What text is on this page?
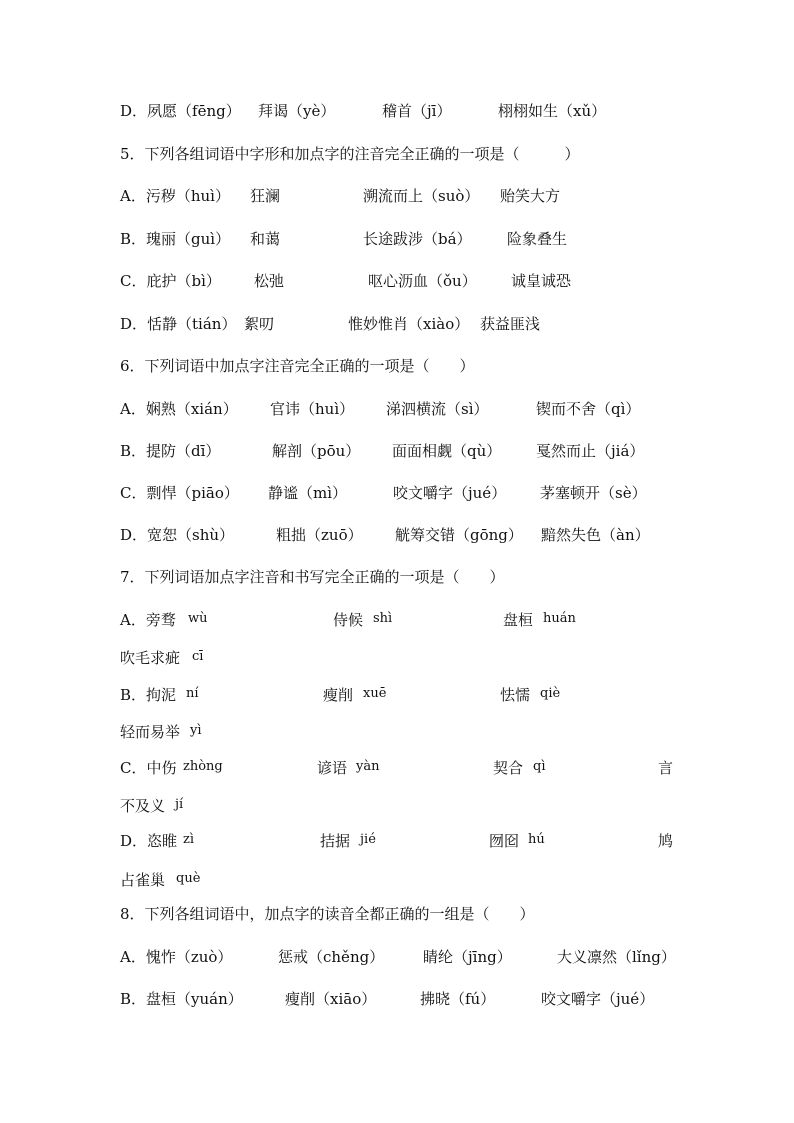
D．夙愿（fēng） 拜谒（yè）	稽首（jī）	栩栩如生（xǔ）
5．下列各组词语中字形和加点字的注音完全正确的一项是（　　　）
A．污秽（huì） 狂澜	溯流而上（suò） 贻笑大方
B．瑰丽（guì） 和蔼	长途跋涉（bá） 险象叠生
C．庇护（bì） 松弛	呕心沥血（ǒu） 诚皇诚恐
D．恬静（tián） 絮叨	惟妙惟肖（xiào） 获益匪浅
6．下列词语中加点字注音完全正确的一项是（　　）
A．娴熟（xián） 官讳（huì） 涕泗横流（sì）	锲而不舍（qì）
B．提防（dī）	解剖（pōu） 面面相觑（qù） 戛然而止（jiá）
C．剽悍（piāo） 静谧（mì）	咬文嚼字（jué） 茅塞顿开（sè）
D．宽恕（shù）	粗拙（zuō） 觥筹交错（gōng） 黯然失色（àn）
7．下列词语加点字注音和书写完全正确的一项是（　　）
A．旁骛 wù	侍候 shì	盘桓 huán
吹毛求疵 cī
B．拘泥 ní	瘦削 xuē	怯懦 qiè
轻而易举 yì
C．中伤 zhòng	谚语 yàn	契合 qì	言
不及义 jí
D．恣睢 zì	拮据 jié	囫囵 hú	鸠
占雀巢 què
8．下列各组词语中，加点字的读音全都正确的一组是（　　）
A．愧怍（zuò）	惩戒（chěng）	睛纶（jīng）	大义凛然（lǐng）
B．盘桓（yuán）	瘦削（xiāo）	拂晓（fú）	咬文嚼字（jué）
